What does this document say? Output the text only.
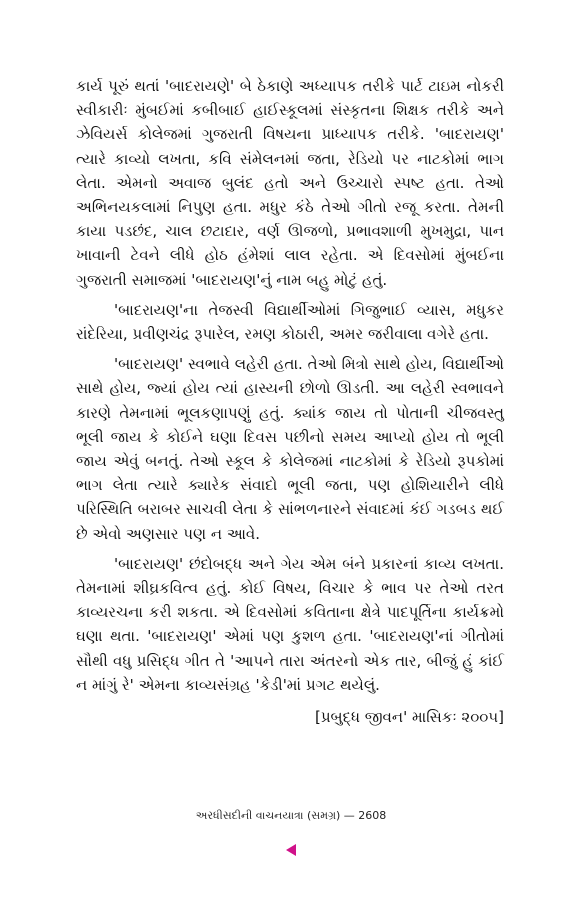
કાર્ય પૂરું થતાં 'બાદરાયણે' બે ઠેકાણે અધ્યાપક તરીકે પાર્ટ ટાઇમ નોકરી સ્વીકારીઃ મુંબઈમાં કબીબાઈ હાઈસ્કૂલમાં સંસ્કૃતના શિક્ષક તરીકે અને ઝેવિયર્સ કોલેજમાં ગુજરાતી વિષયના પ્રાધ્યાપક તરીકે. 'બાદરાયણ' ત્યારે કાવ્યો લખતા, કવિ સંમેલનમાં જતા, રેડિયો પર નાટકોમાં ભાગ લેતા. એમનો અવાજ બુલંદ હતો અને ઉચ્ચારો સ્પષ્ટ હતા. તેઓ અભિનયકલામાં નિપુણ હતા. મધુર કંઠે તેઓ ગીતો રજૂ કરતા. તેમની કાયા પડછંદ, ચાલ છટાદાર, વર્ણ ઊજળો, પ્રભાવશાળી મુખમુદ્રા, પાન ખાવાની ટેવને લીધે હોઠ હંમેશાં લાલ રહેતા. એ દિવસોમાં મુંબઈના ગુજરાતી સમાજમાં 'બાદરાયણ'નું નામ બહુ મોટું હતું.

'બાદરાયણ'ના તેજસ્વી વિદ્યાર્થીઓમાં ગિજુભાઈ વ્યાસ, મધુકર રાંદેરિયા, પ્રવીણચંદ્ર રૂપારેલ, રમણ કોઠારી, અમર જરીવાલા વગેરે હતા.

'બાદરાયણ' સ્વભાવે લહેરી હતા. તેઓ મિત્રો સાથે હોય, વિદ્યાર્થીઓ સાથે હોય, જ્યાં હોય ત્યાં હાસ્યની છોળો ઊડતી. આ લહેરી સ્વભાવને કારણે તેમનામાં ભૂલકણાપણું હતું. ક્યાંક જાય તો પોતાની ચીજવસ્તુ ભૂલી જાય કે કોઈને ઘણા દિવસ પછીનો સમય આપ્યો હોય તો ભૂલી જાય એવું બનતું. તેઓ સ્કૂલ કે કોલેજમાં નાટકોમાં કે રેડિયો રૂપકોમાં ભાગ લેતા ત્યારે ક્યારેક સંવાદો ભૂલી જતા, પણ હોશિયારીને લીધે પરિસ્થિતિ બરાબર સાચવી લેતા કે સાંભળનારને સંવાદમાં કંઈ ગડબડ થઈ છે એવો અણસાર પણ ન આવે.

'બાદરાયણ' છંદોબદ્ધ અને ગેય એમ બંને પ્રકારનાં કાવ્ય લખતા. તેમનામાં શીઘ્રકવિત્વ હતું. કોઈ વિષય, વિચાર કે ભાવ પર તેઓ તરત કાવ્યરચના કરી શકતા. એ દિવસોમાં કવિતાના ક્ષેત્રે પાદપૂર્તિના કાર્યક્રમો ઘણા થતા. 'બાદરાયણ' એમાં પણ કુશળ હતા. 'બાદરાયણ'નાં ગીતોમાં સૌથી વધુ પ્રસિદ્ધ ગીત તે 'આપને તારા અંતરનો એક તાર, બીજું હું કાંઈ ન માંગું રે' એમના કાવ્યસંગ્રહ 'કેડી'માં પ્રગટ થયેલું.

[પ્રબુદ્ધ જીવન' માસિકઃ ૨૦૦૫]
અરધીસદીની વાચનયાત્રા (સમગ્ર) — 2608
